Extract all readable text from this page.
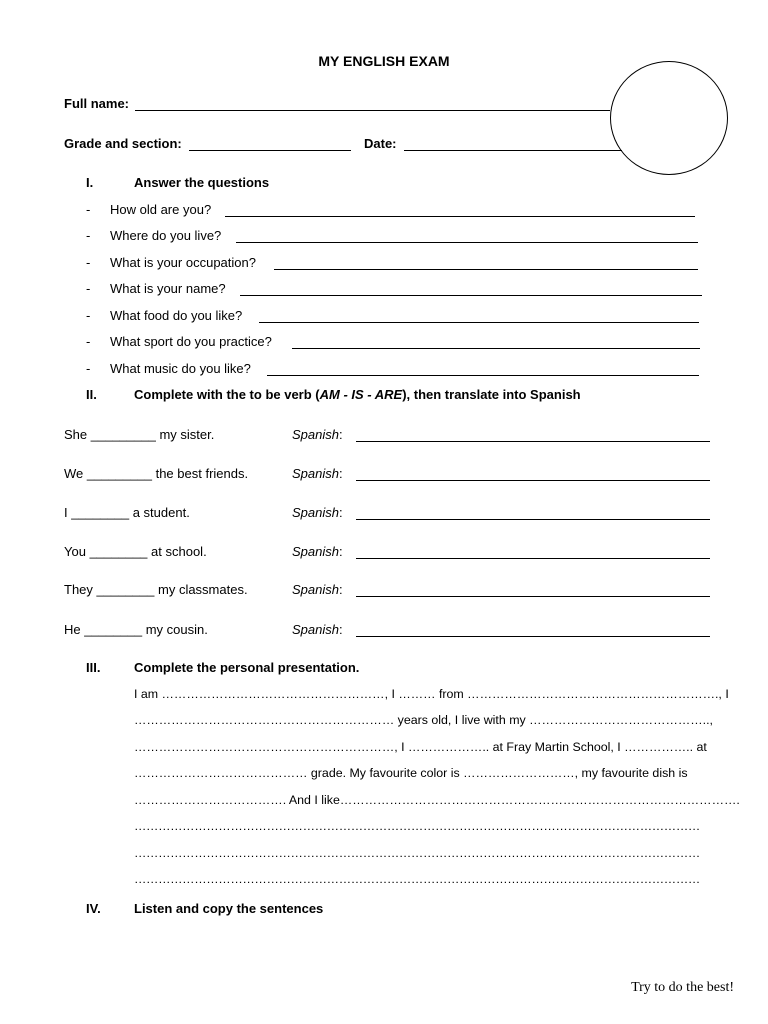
MY ENGLISH EXAM
Full name:
Grade and section:	Date:
I.	Answer the questions
- How old are you?
- Where do you live?
- What is your occupation?
- What is your name?
- What food do you like?
- What sport do you practice?
- What music do you like?
II.	Complete with the to be verb (AM - IS - ARE), then translate into Spanish
She _________ my sister.	Spanish:
We _________ the best friends.	Spanish:
I ________ a student.	Spanish:
You ________ at school.	Spanish:
They ________ my classmates.	Spanish:
He ________ my cousin.	Spanish:
III.	Complete the personal presentation.
I am ………………………………………………, I ……… from ……………………………………………………., I
……………………………………………………… years old, I live with my ……………………………………..,
………………………………………………………, I ……………….. at Fray Martin School, I …………….. at
…………………………………… grade. My favourite color is ………………………, my favourite dish is
………………………………. And I like…………………………………………………………………………………….
……………………………………………………………………………………………………………………………
……………………………………………………………………………………………………………………………
……………………………………………………………………………………………………………………………
IV.	Listen and copy the sentences
Try to do the best!
